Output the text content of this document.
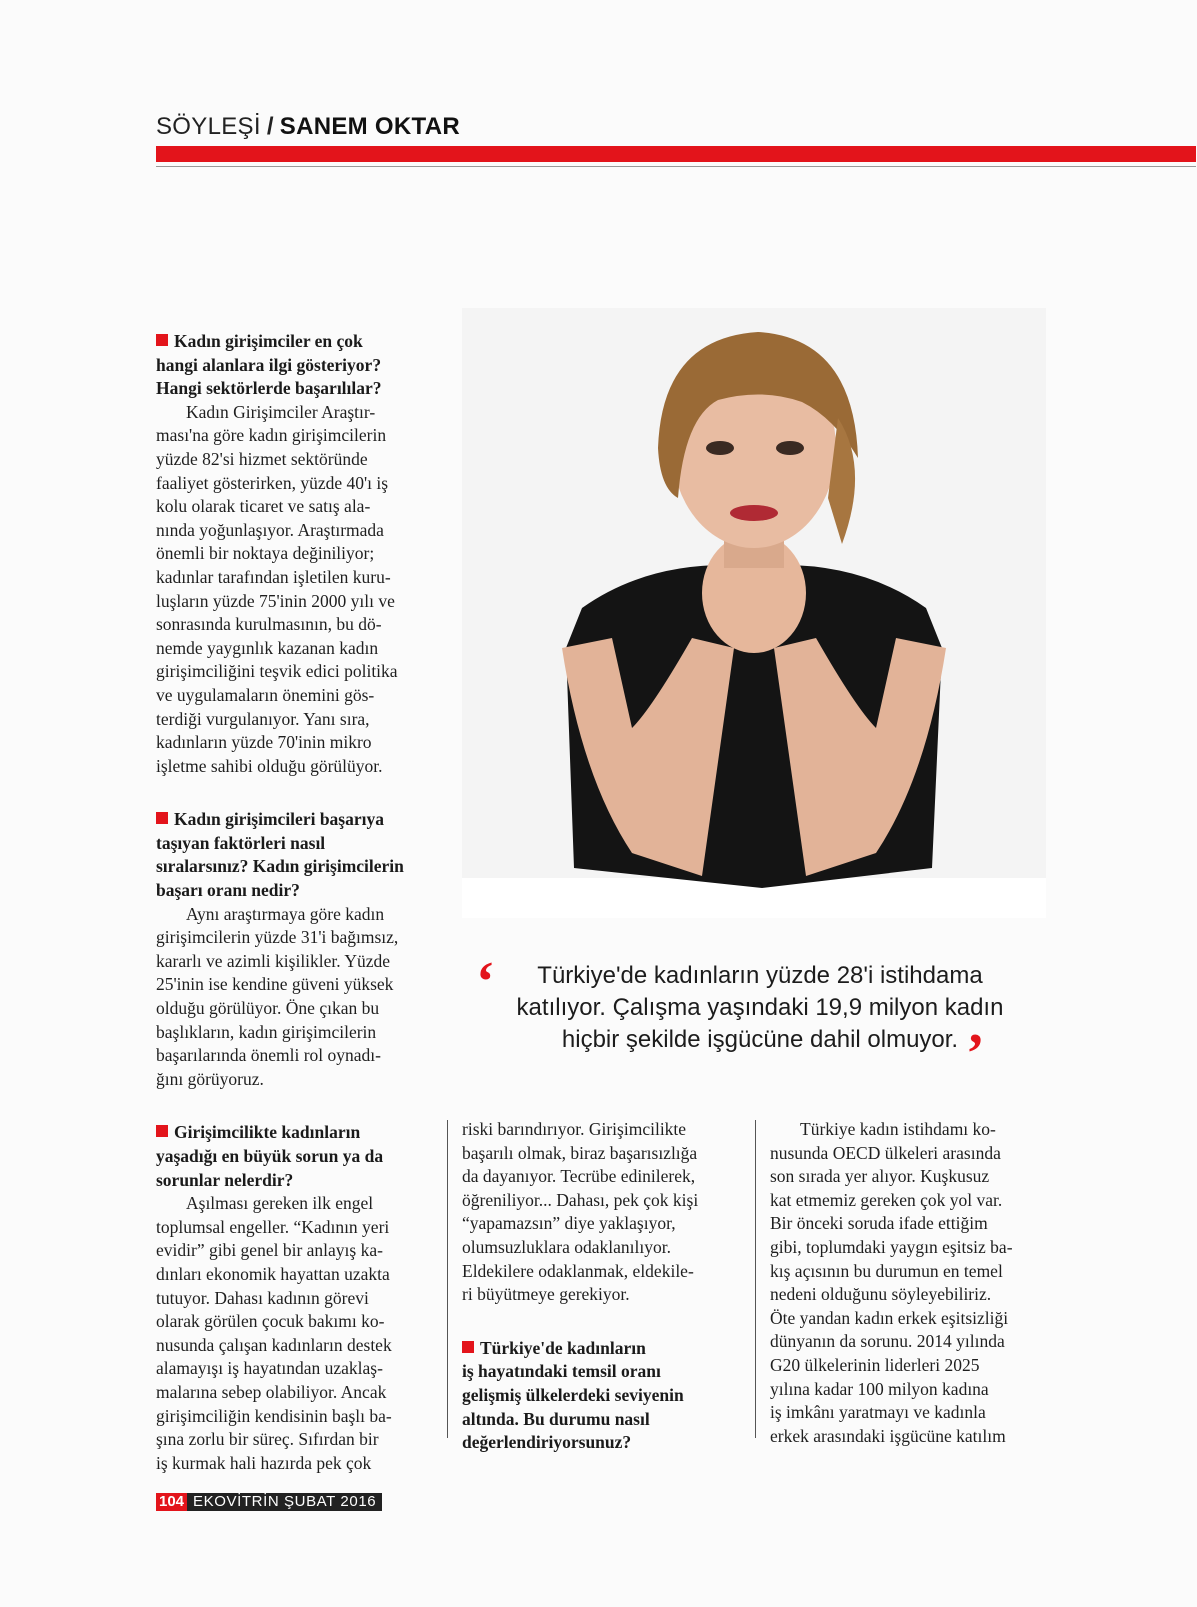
SÖYLEŞİ / SANEM OKTAR
‘	Türkiye'de kadınların yüzde 28'i istihdama
katılıyor. Çalışma yaşındaki 19,9 milyon kadın
hiçbir şekilde işgücüne dahil olmuyor. ’

Kadın girişimciler en çok
hangi alanlara ilgi gösteriyor?
Hangi sektörlerde başarılılar?

Kadın Girişimciler Araştır-
ması'na göre kadın girişimcilerin
yüzde 82'si hizmet sektöründe
faaliyet gösterirken, yüzde 40'ı iş
kolu olarak ticaret ve satış ala-
nında yoğunlaşıyor. Araştırmada
önemli bir noktaya değiniliyor;
kadınlar tarafından işletilen kuru-
luşların yüzde 75'inin 2000 yılı ve
sonrasında kurulmasının, bu dö-
nemde yaygınlık kazanan kadın
girişimciliğini teşvik edici politika
ve uygulamaların önemini gös-
terdiği vurgulanıyor. Yanı sıra,
kadınların yüzde 70'inin mikro
işletme sahibi olduğu görülüyor.

Kadın girişimcileri başarıya
taşıyan faktörleri nasıl
sıralarsınız? Kadın girişimcilerin
başarı oranı nedir?

Aynı araştırmaya göre kadın
girişimcilerin yüzde 31'i bağımsız,
kararlı ve azimli kişilikler. Yüzde
25'inin ise kendine güveni yüksek
olduğu görülüyor. Öne çıkan bu
başlıkların, kadın girişimcilerin
başarılarında önemli rol oynadı-
ğını görüyoruz.

Girişimcilikte kadınların
yaşadığı en büyük sorun ya da
sorunlar nelerdir?

Aşılması gereken ilk engel
toplumsal engeller. “Kadının yeri
evidir” gibi genel bir anlayış ka-
dınları ekonomik hayattan uzakta
tutuyor. Dahası kadının görevi
olarak görülen çocuk bakımı ko-
nusunda çalışan kadınların destek
alamayışı iş hayatından uzaklaş-
malarına sebep olabiliyor. Ancak
girişimciliğin kendisinin başlı ba-
şına zorlu bir süreç. Sıfırdan bir
iş kurmak hali hazırda pek çok

riski barındırıyor. Girişimcilikte
başarılı olmak, biraz başarısızlığa
da dayanıyor. Tecrübe edinilerek,
öğreniliyor... Dahası, pek çok kişi
“yapamazsın” diye yaklaşıyor,
olumsuzluklara odaklanılıyor.
Eldekilere odaklanmak, eldekile-
ri büyütmeye gerekiyor.

Türkiye'de kadınların
iş hayatındaki temsil oranı
gelişmiş ülkelerdeki seviyenin
altında. Bu durumu nasıl
değerlendiriyorsunuz?

Türkiye kadın istihdamı ko-
nusunda OECD ülkeleri arasında
son sırada yer alıyor. Kuşkusuz
kat etmemiz gereken çok yol var.
Bir önceki soruda ifade ettiğim
gibi, toplumdaki yaygın eşitsiz ba-
kış açısının bu durumun en temel
nedeni olduğunu söyleyebiliriz.
Öte yandan kadın erkek eşitsizliği
dünyanın da sorunu. 2014 yılında
G20 ülkelerinin liderleri 2025
yılına kadar 100 milyon kadına
iş imkânı yaratmayı ve kadınla
erkek arasındaki işgücüne katılım

104 EKOVİTRİN ŞUBAT 2016
